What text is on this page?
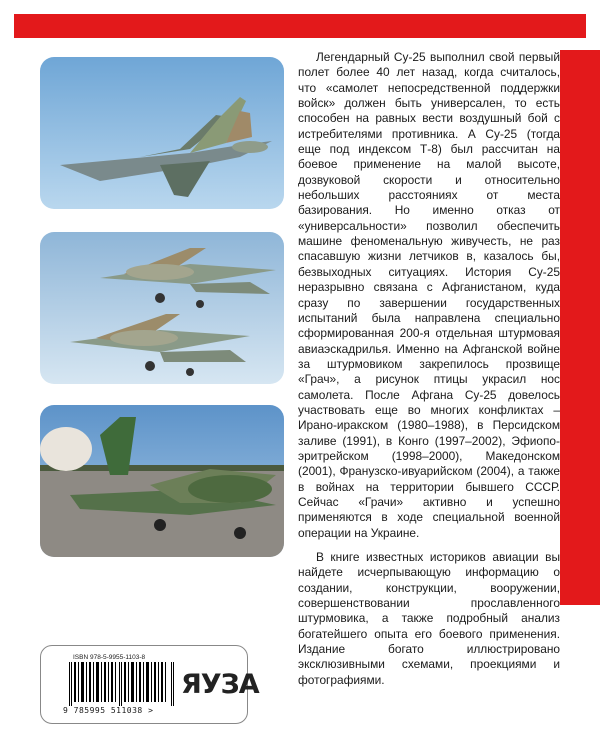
Легендарный Су-25 выполнил свой первый полет более 40 лет назад, когда считалось, что «самолет непосредственной поддержки войск» должен быть универсален, то есть способен на равных вести воздушный бой с истребителями противника. А Су-25 (тогда еще под индексом Т-8) был рассчитан на боевое применение на малой высоте, дозвуковой скорости и относительно небольших расстояниях от места базирования. Но именно отказ от «универсальности» позволил обеспечить машине феноменальную живучесть, не раз спасавшую жизни летчиков в, казалось бы, безвыходных ситуациях. История Су-25 неразрывно связана с Афганистаном, куда сразу по завершении государственных испытаний была направлена специально сформированная 200-я отдельная штурмовая авиаэскадрилья. Именно на Афганской войне за штурмовиком закрепилось прозвище «Грач», а рисунок птицы украсил нос самолета. После Афгана Су-25 довелось участвовать еще во многих конфликтах – Ирано-иракском (1980–1988), в Персидском заливе (1991), в Конго (1997–2002), Эфиопо-эритрейском (1998–2000), Македонском (2001), Франузско-ивуарийском (2004), а также в войнах на территории бывшего СССР. Сейчас «Грачи» активно и успешно применяются в ходе специальной военной операции на Украине.

В книге известных историков авиации вы найдете исчерпывающую информацию о создании, конструкции, вооружении, совершенствовании прославленного штурмовика, а также подробный анализ богатейшего опыта его боевого применения. Издание богато иллюстрировано эксклюзивными схемами, проекциями и фотографиями.

ISBN 978-5-9955-1103-8
9 785995 511038 >
ЯУЗА
